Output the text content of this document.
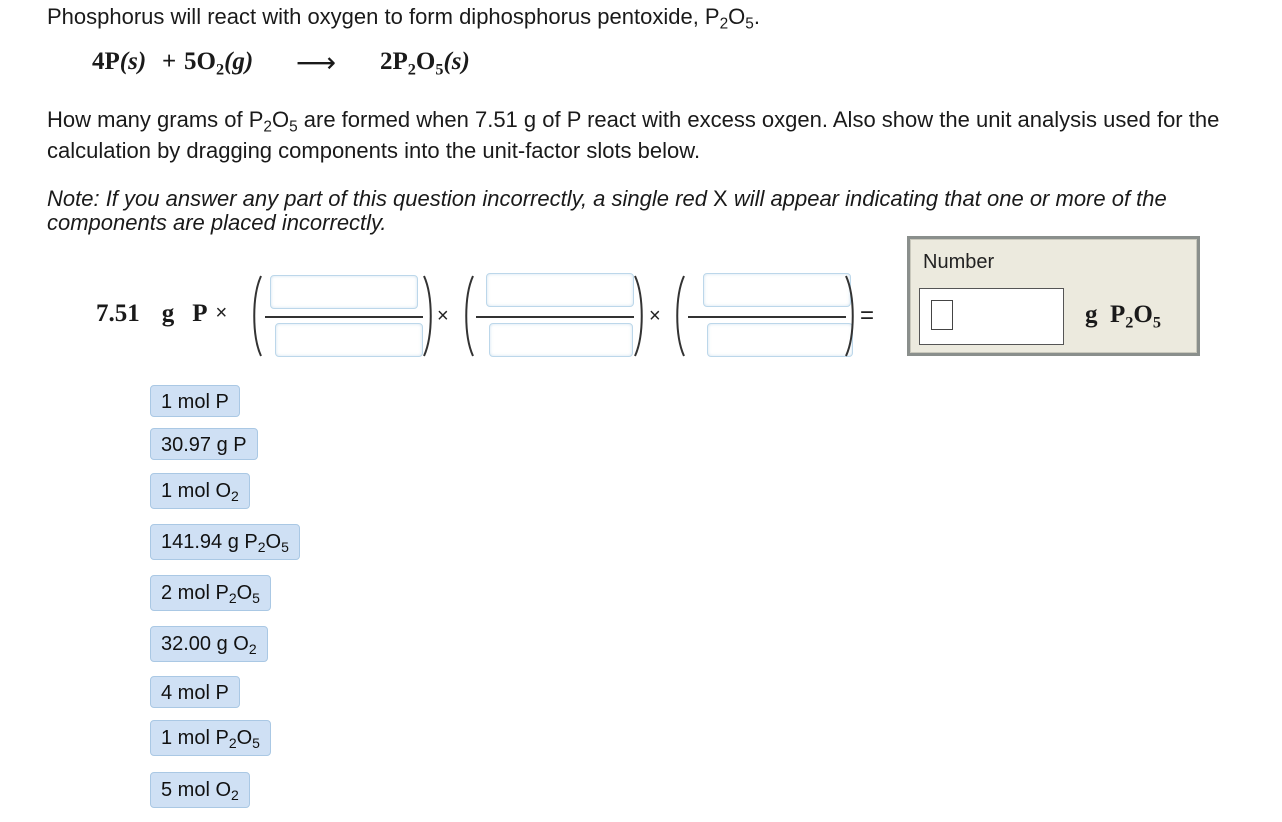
Phosphorus will react with oxygen to form diphosphorus pentoxide, $P_2O_5$.
$4P(s) + 5O_2(g)$ ⟶ $2P_2O_5(s)$
How many grams of $P_2O_5$ are formed when 7.51 g of P react with excess oxgen. Also show the unit analysis used for the calculation by dragging components into the unit-factor slots below.
Note: If you answer any part of this question incorrectly, a single red X will appear indicating that one or more of the components are placed incorrectly.
7.51 g P ×	×	×	=
Number
g $P_2O_5$
1 mol P
30.97 g P
1 mol $O_2$
141.94 g $P_2O_5$
2 mol $P_2O_5$
32.00 g $O_2$
4 mol P
1 mol $P_2O_5$
5 mol $O_2$
